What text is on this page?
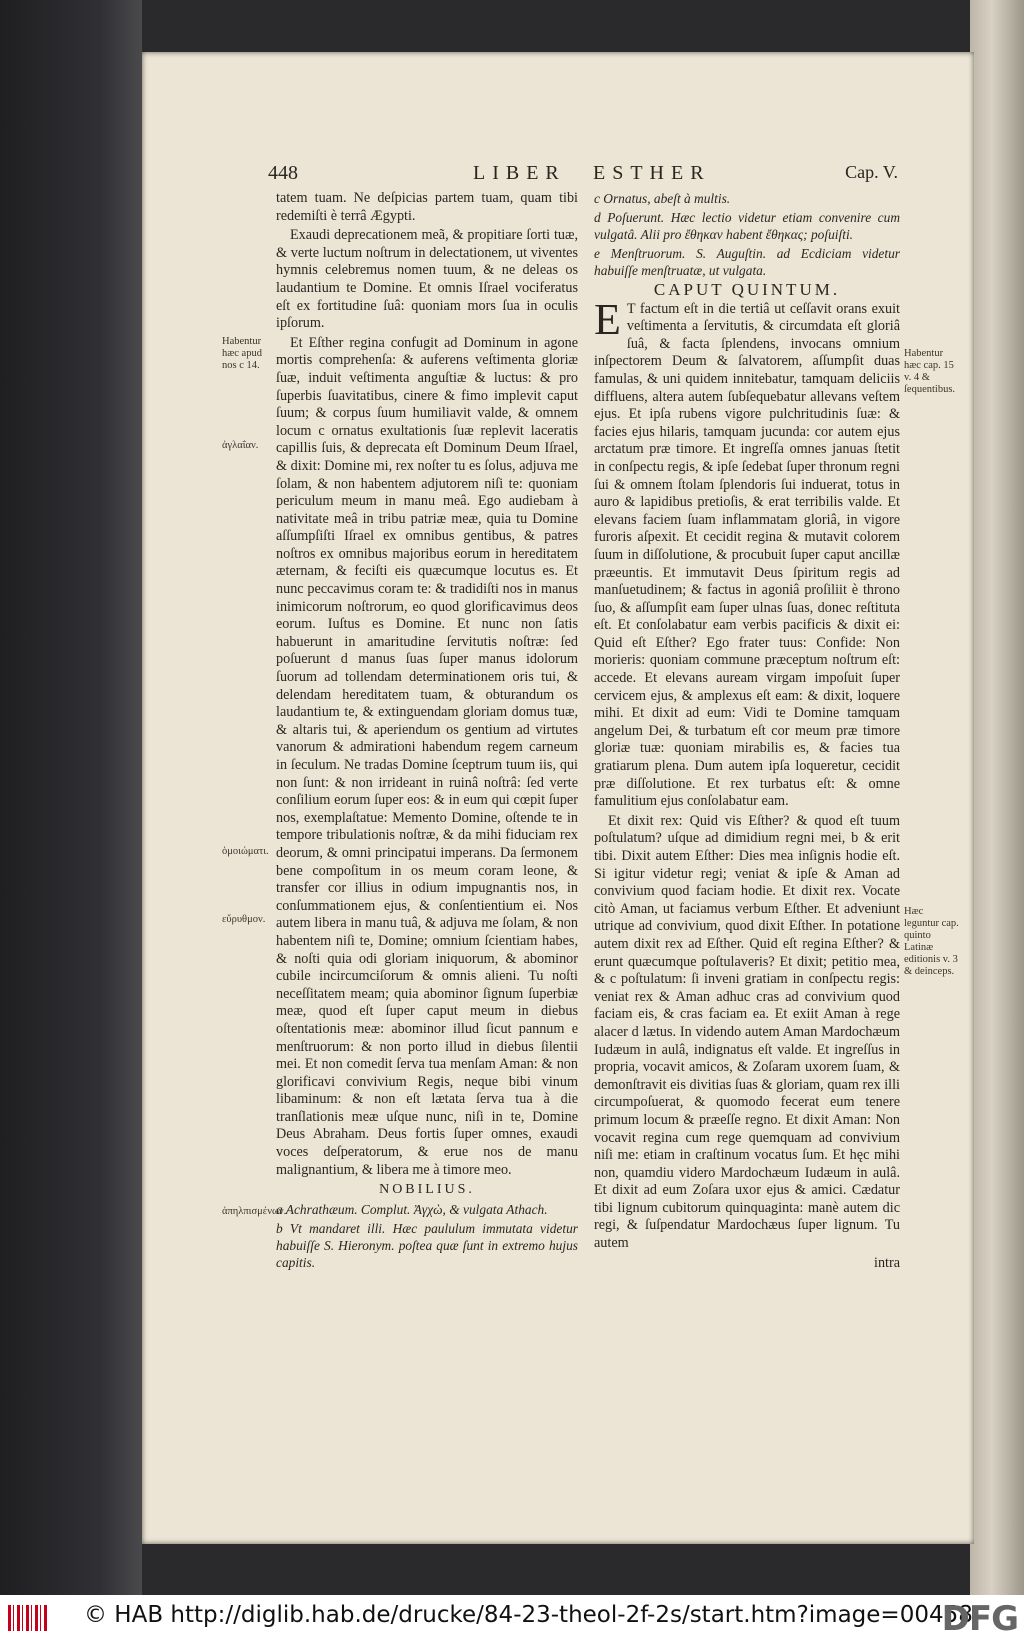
448	LIBER ESTHER	Cap. V.

tatem tuam. Ne deſpicias partem tuam, quam tibi redemiſti è terrâ Ægypti.

Exaudi deprecationem meã, & propitiare ſorti tuæ, & verte luctum noſtrum in delectationem, ut viventes hymnis celebremus nomen tuum, & ne deleas os laudantium te Domine. Et omnis Iſrael vociferatus eſt ex fortitudine ſuâ: quoniam mors ſua in oculis ipſorum.

Et Eſther regina confugit ad Dominum in agone mortis comprehenſa: & auferens veſtimenta gloriæ ſuæ, induit veſtimenta anguſtiæ & luctus: & pro ſuperbis ſuavitatibus, cinere & fimo implevit caput ſuum; & corpus ſuum humiliavit valde, & omnem locum c ornatus exultationis ſuæ replevit laceratis capillis ſuis, & deprecata eſt Dominum Deum Iſrael, & dixit: Domine mi, rex noſter tu es ſolus, adjuva me ſolam, & non habentem adjutorem niſi te: quoniam periculum meum in manu meâ. Ego audiebam à nativitate meâ in tribu patriæ meæ, quia tu Domine aſſumpſiſti Iſrael ex omnibus gentibus, & patres noſtros ex omnibus majoribus eorum in hereditatem æternam, & feciſti eis quæcumque locutus es. Et nunc peccavimus coram te: & tradidiſti nos in manus inimicorum noſtrorum, eo quod glorificavimus deos eorum. Iuſtus es Domine. Et nunc non ſatis habuerunt in amaritudine ſervitutis noſtræ: ſed poſuerunt d manus ſuas ſuper manus idolorum ſuorum ad tollendam determinationem oris tui, & delendam hereditatem tuam, & obturandum os laudantium te, & extinguendam gloriam domus tuæ, & altaris tui, & aperiendum os gentium ad virtutes vanorum & admirationi habendum regem carneum in ſeculum. Ne tradas Domine ſceptrum tuum iis, qui non ſunt: & non irrideant in ruinâ noſtrâ: ſed verte conſilium eorum ſuper eos: & in eum qui cœpit ſuper nos, exemplaſtatue: Memento Domine, oſtende te in tempore tribulationis noſtræ, & da mihi fiduciam rex deorum, & omni principatui imperans. Da ſermonem bene compoſitum in os meum coram leone, & transfer cor illius in odium impugnantis nos, in conſummationem ejus, & conſentientium ei. Nos autem libera in manu tuâ, & adjuva me ſolam, & non habentem niſi te, Domine; omnium ſcientiam habes, & noſti quia odi gloriam iniquorum, & abominor cubile incircumciſorum & omnis alieni. Tu noſti neceſſitatem meam; quia abominor ſignum ſuperbiæ meæ, quod eſt ſuper caput meum in diebus oſtentationis meæ: abominor illud ſicut pannum e menſtruorum: & non porto illud in diebus ſilentii mei. Et non comedit ſerva tua menſam Aman: & non glorificavi convivium Regis, neque bibi vinum libaminum: & non eſt lætata ſerva tua à die tranſlationis meæ uſque nunc, niſi in te, Domine Deus Abraham. Deus fortis ſuper omnes, exaudi voces deſperatorum, & erue nos de manu malignantium, & libera me à timore meo.

NOBILIUS.

a Achrathæum. Complut. Ἀγχὼ, & vulgata Athach.

b Vt mandaret illi. Hæc paululum immutata videtur habuiſſe S. Hieronym. poſtea quæ ſunt in extremo hujus capitis.

c Ornatus, abeſt à multis.

d Poſuerunt. Hæc lectio videtur etiam convenire cum vulgatâ. Alii pro ἔθηκαν habent ἔθηκας; poſuiſti.

e Menſtruorum. S. Auguſtin. ad Ecdiciam videtur habuiſſe menſtruatæ, ut vulgata.

CAPUT QUINTUM.

E T factum eſt in die tertiâ ut ceſſavit orans exuit veſtimenta a ſervitutis, & circumdata eſt gloriâ ſuâ, & facta ſplendens, invocans omnium inſpectorem Deum & ſalvatorem, aſſumpſit duas famulas, & uni quidem innitebatur, tamquam deliciis diffluens, altera autem ſubſequebatur allevans veſtem ejus. Et ipſa rubens vigore pulchritudinis ſuæ: & facies ejus hilaris, tamquam jucunda: cor autem ejus arctatum præ timore. Et ingreſſa omnes januas ſtetit in conſpectu regis, & ipſe ſedebat ſuper thronum regni ſui & omnem ſtolam ſplendoris ſui induerat, totus in auro & lapidibus pretioſis, & erat terribilis valde. Et elevans faciem ſuam inflammatam gloriâ, in vigore furoris aſpexit. Et cecidit regina & mutavit colorem ſuum in diſſolutione, & procubuit ſuper caput ancillæ præeuntis. Et immutavit Deus ſpiritum regis ad manſuetudinem; & factus in agoniâ proſiliit è throno ſuo, & aſſumpſit eam ſuper ulnas ſuas, donec reſtituta eſt. Et conſolabatur eam verbis pacificis & dixit ei: Quid eſt Eſther? Ego frater tuus: Confide: Non morieris: quoniam commune præceptum noſtrum eſt: accede. Et elevans auream virgam impoſuit ſuper cervicem ejus, & amplexus eſt eam: & dixit, loquere mihi. Et dixit ad eum: Vidi te Domine tamquam angelum Dei, & turbatum eſt cor meum præ timore gloriæ tuæ: quoniam mirabilis es, & facies tua gratiarum plena. Dum autem ipſa loqueretur, cecidit præ diſſolutione. Et rex turbatus eſt: & omne famulitium ejus conſolabatur eam.

Et dixit rex: Quid vis Eſther? & quod eſt tuum poſtulatum? uſque ad dimidium regni mei, b & erit tibi. Dixit autem Eſther: Dies mea inſignis hodie eſt. Si igitur videtur regi; veniat & ipſe & Aman ad convivium quod faciam hodie. Et dixit rex. Vocate citò Aman, ut faciamus verbum Eſther. Et adveniunt utrique ad convivium, quod dixit Eſther. In potatione autem dixit rex ad Eſther. Quid eſt regina Eſther? & erunt quæcumque poſtulaveris? Et dixit; petitio mea, & c poſtulatum: ſi inveni gratiam in conſpectu regis: veniat rex & Aman adhuc cras ad convivium quod faciam eis, & cras faciam ea. Et exiit Aman à rege alacer d lætus. In videndo autem Aman Mardochæum Iudæum in aulâ, indignatus eſt valde. Et ingreſſus in propria, vocavit amicos, & Zoſaram uxorem ſuam, & demonſtravit eis divitias ſuas & gloriam, quam rex illi circumpoſuerat, & quomodo fecerat eum tenere primum locum & præeſſe regno. Et dixit Aman: Non vocavit regina cum rege quemquam ad convivium niſi me: etiam in craſtinum vocatus ſum. Et hęc mihi non, quamdiu videro Mardochæum Iudæum in aulâ. Et dixit ad eum Zoſara uxor ejus & amici. Cædatur tibi lignum cubitorum quinquaginta: manè autem dic regi, & ſuſpendatur Mardochæus ſuper lignum. Tu autem

intra

Habentur hæc apud nos c 14.
ἀγλαΐαν.
ὁμοιώματι.
εὔρυθμον.
ἀπηλπισμένων.
Habentur hæc cap. 15 v. 4 & ſequentibus.
Hæc leguntur cap. quinto Latinæ editionis v. 3 & deinceps.
© HAB http://diglib.hab.de/drucke/84-23-theol-2f-2s/start.htm?image=00458
DFG
